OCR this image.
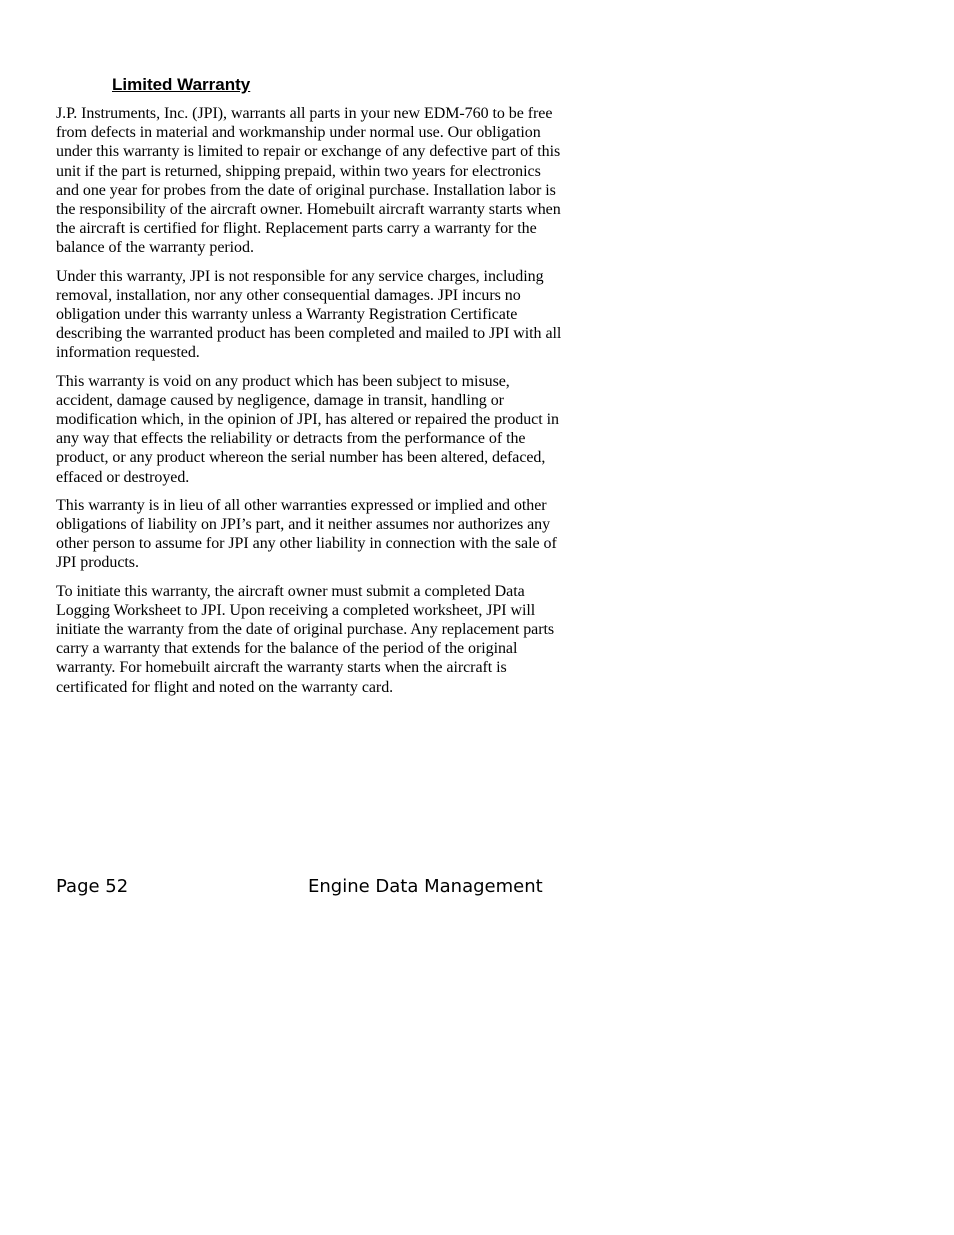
Limited Warranty

J.P. Instruments, Inc. (JPI), warrants all parts in your new EDM-760 to be free from defects in material and workmanship under normal use. Our obligation under this warranty is limited to repair or exchange of any defective part of this unit if the part is returned, shipping prepaid, within two years for electronics and one year for probes from the date of original purchase. Installation labor is the responsibility of the aircraft owner. Homebuilt aircraft warranty starts when the aircraft is certified for flight. Replacement parts carry a warranty for the balance of the warranty period.

Under this warranty, JPI is not responsible for any service charges, including removal, installation, nor any other consequential damages. JPI incurs no obligation under this warranty unless a Warranty Registration Certificate describing the warranted product has been completed and mailed to JPI with all information requested.

This warranty is void on any product which has been subject to misuse, accident, damage caused by negligence, damage in transit, handling or modification which, in the opinion of JPI, has altered or repaired the product in any way that effects the reliability or detracts from the performance of the product, or any product whereon the serial number has been altered, defaced, effaced or destroyed.

This warranty is in lieu of all other warranties expressed or implied and other obligations of liability on JPI’s part, and it neither assumes nor authorizes any other person to assume for JPI any other liability in connection with the sale of JPI products.

To initiate this warranty, the aircraft owner must submit a completed Data Logging Worksheet to JPI. Upon receiving a completed worksheet, JPI will initiate the warranty from the date of original purchase. Any replacement parts carry a warranty that extends for the balance of the period of the original warranty. For homebuilt aircraft the warranty starts when the aircraft is certificated for flight and noted on the warranty card.

Page 52	Engine Data Management
